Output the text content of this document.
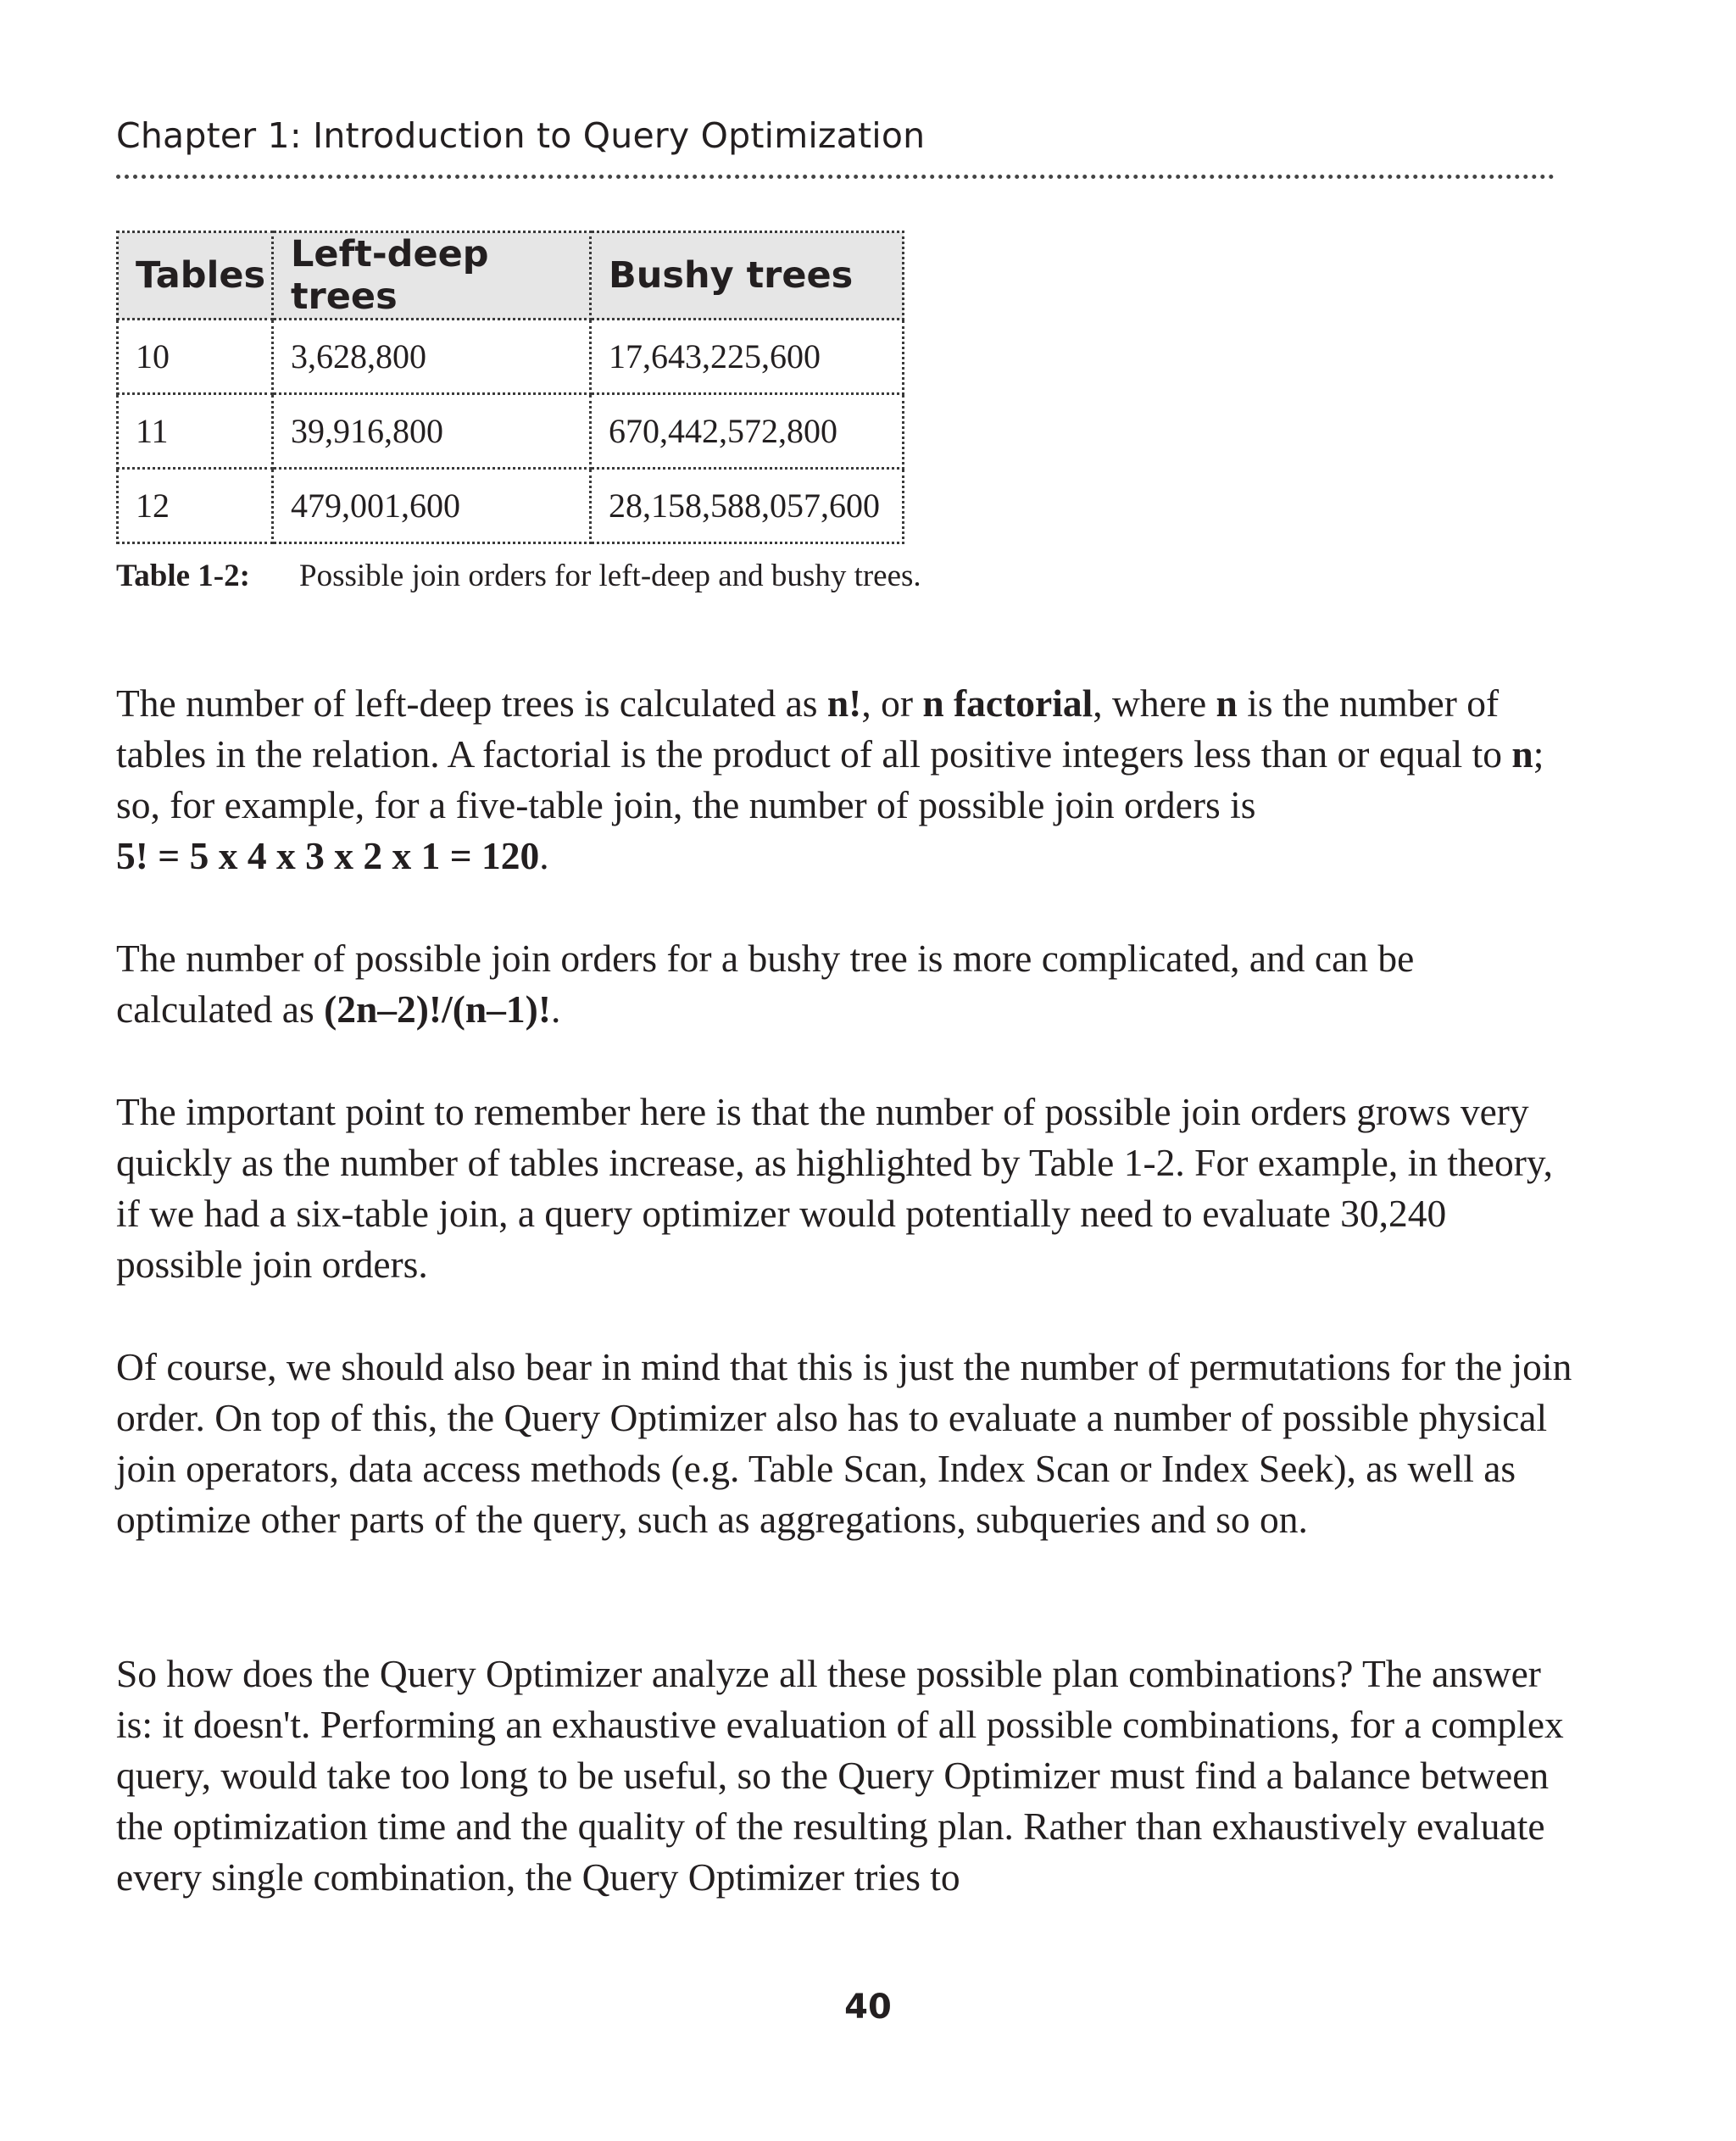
Chapter 1: Introduction to Query Optimization
Tables	Left-deep trees	Bushy trees
10	3,628,800	17,643,225,600
11	39,916,800	670,442,572,800
12	479,001,600	28,158,588,057,600
Table 1-2: Possible join orders for left-deep and bushy trees.

The number of left-deep trees is calculated as n!, or n factorial, where n is the number of tables in the relation. A factorial is the product of all positive integers less than or equal to n; so, for example, for a five-table join, the number of possible join orders is
5! = 5 x 4 x 3 x 2 x 1 = 120.

The number of possible join orders for a bushy tree is more complicated, and can be calculated as (2n–2)!/(n–1)!.

The important point to remember here is that the number of possible join orders grows very quickly as the number of tables increase, as highlighted by Table 1-2. For example, in theory, if we had a six-table join, a query optimizer would potentially need to evaluate 30,240 possible join orders.

Of course, we should also bear in mind that this is just the number of permutations for the join order. On top of this, the Query Optimizer also has to evaluate a number of possible physical join operators, data access methods (e.g. Table Scan, Index Scan or Index Seek), as well as optimize other parts of the query, such as aggregations, subqueries and so on.

So how does the Query Optimizer analyze all these possible plan combinations? The answer is: it doesn't. Performing an exhaustive evaluation of all possible combinations, for a complex query, would take too long to be useful, so the Query Optimizer must find a balance between the optimization time and the quality of the resulting plan. Rather than exhaustively evaluate every single combination, the Query Optimizer tries to

40
